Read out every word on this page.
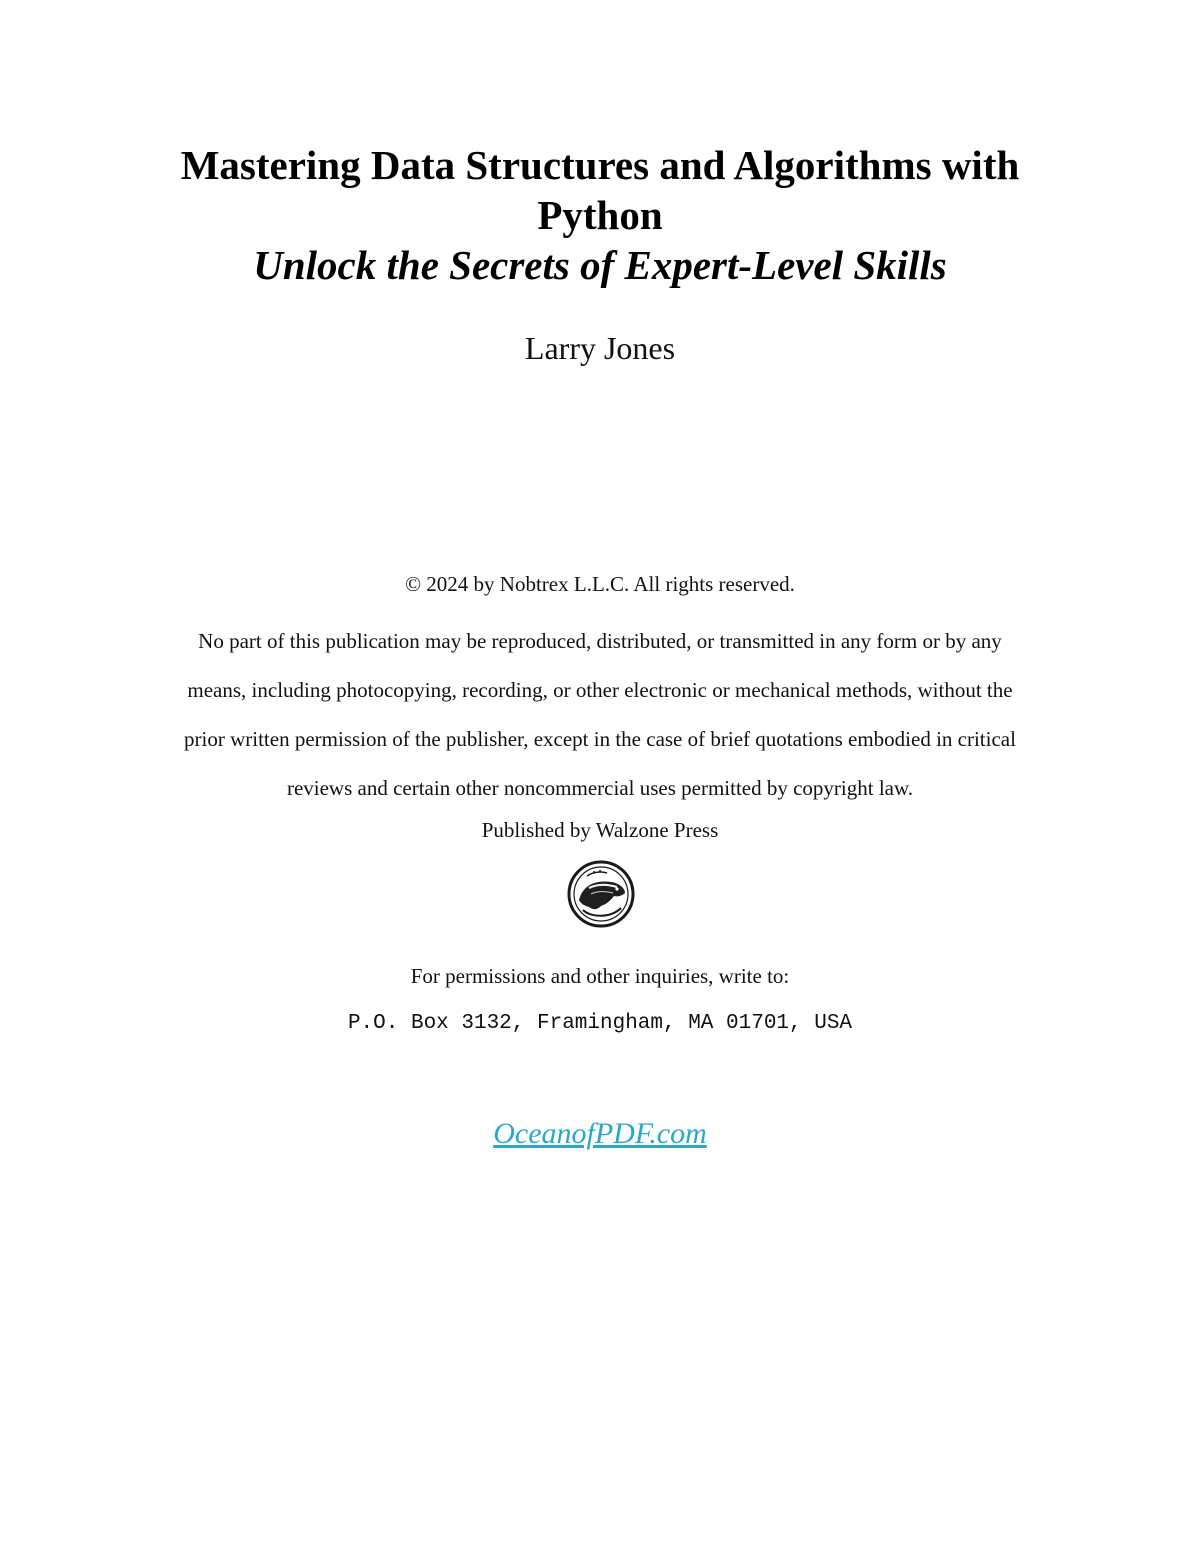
Mastering Data Structures and Algorithms with Python
Unlock the Secrets of Expert-Level Skills
Larry Jones
© 2024 by Nobtrex L.L.C. All rights reserved.

No part of this publication may be reproduced, distributed, or transmitted in any form or by any means, including photocopying, recording, or other electronic or mechanical methods, without the prior written permission of the publisher, except in the case of brief quotations embodied in critical reviews and certain other noncommercial uses permitted by copyright law.

Published by Walzone Press
For permissions and other inquiries, write to:
P.O. Box 3132, Framingham, MA 01701, USA
OceanofPDF.com
